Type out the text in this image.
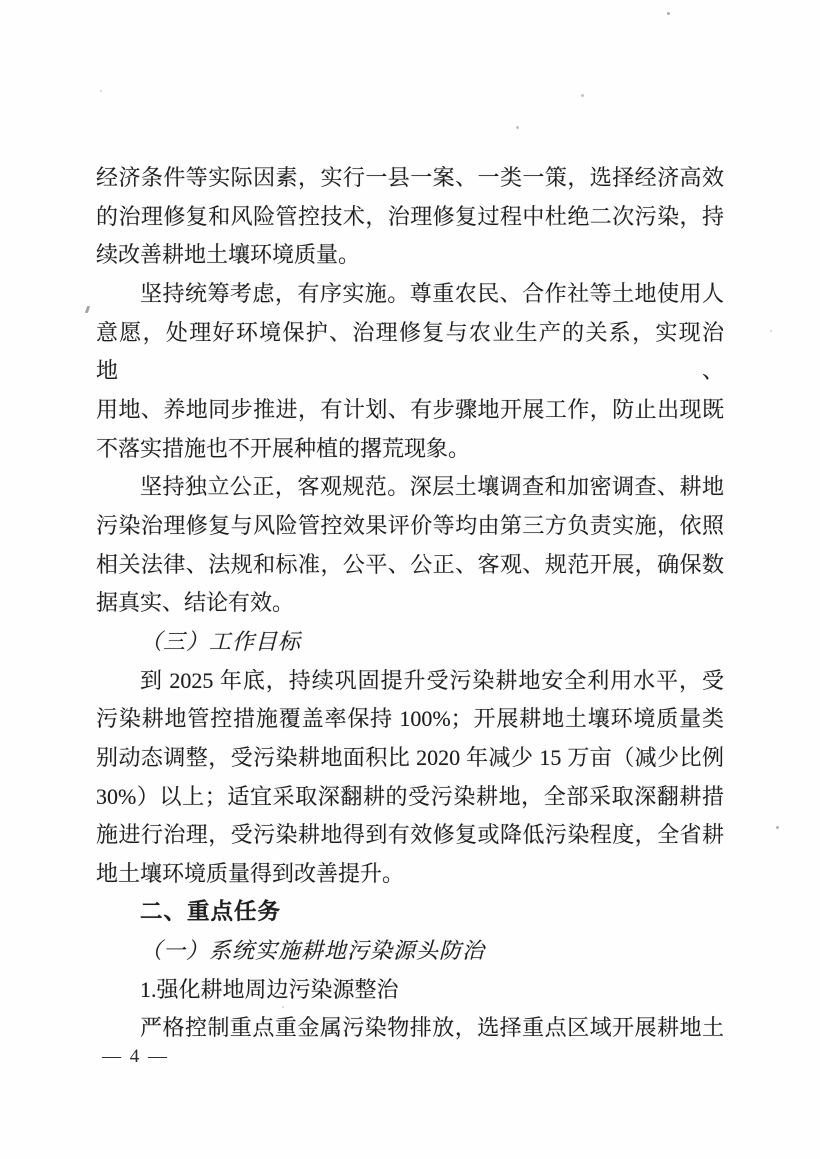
经济条件等实际因素，实行一县一案、一类一策，选择经济高效
的治理修复和风险管控技术，治理修复过程中杜绝二次污染，持
续改善耕地土壤环境质量。
坚持统筹考虑，有序实施。尊重农民、合作社等土地使用人
意愿，处理好环境保护、治理修复与农业生产的关系，实现治地、
用地、养地同步推进，有计划、有步骤地开展工作，防止出现既
不落实措施也不开展种植的撂荒现象。
坚持独立公正，客观规范。深层土壤调查和加密调查、耕地
污染治理修复与风险管控效果评价等均由第三方负责实施，依照
相关法律、法规和标准，公平、公正、客观、规范开展，确保数
据真实、结论有效。
（三）工作目标
到 2025 年底，持续巩固提升受污染耕地安全利用水平，受
污染耕地管控措施覆盖率保持 100%；开展耕地土壤环境质量类
别动态调整，受污染耕地面积比 2020 年减少 15 万亩（减少比例
30%）以上；适宜采取深翻耕的受污染耕地，全部采取深翻耕措
施进行治理，受污染耕地得到有效修复或降低污染程度，全省耕
地土壤环境质量得到改善提升。
二、重点任务
（一）系统实施耕地污染源头防治
1.强化耕地周边污染源整治
严格控制重点重金属污染物排放，选择重点区域开展耕地土
— 4 —
